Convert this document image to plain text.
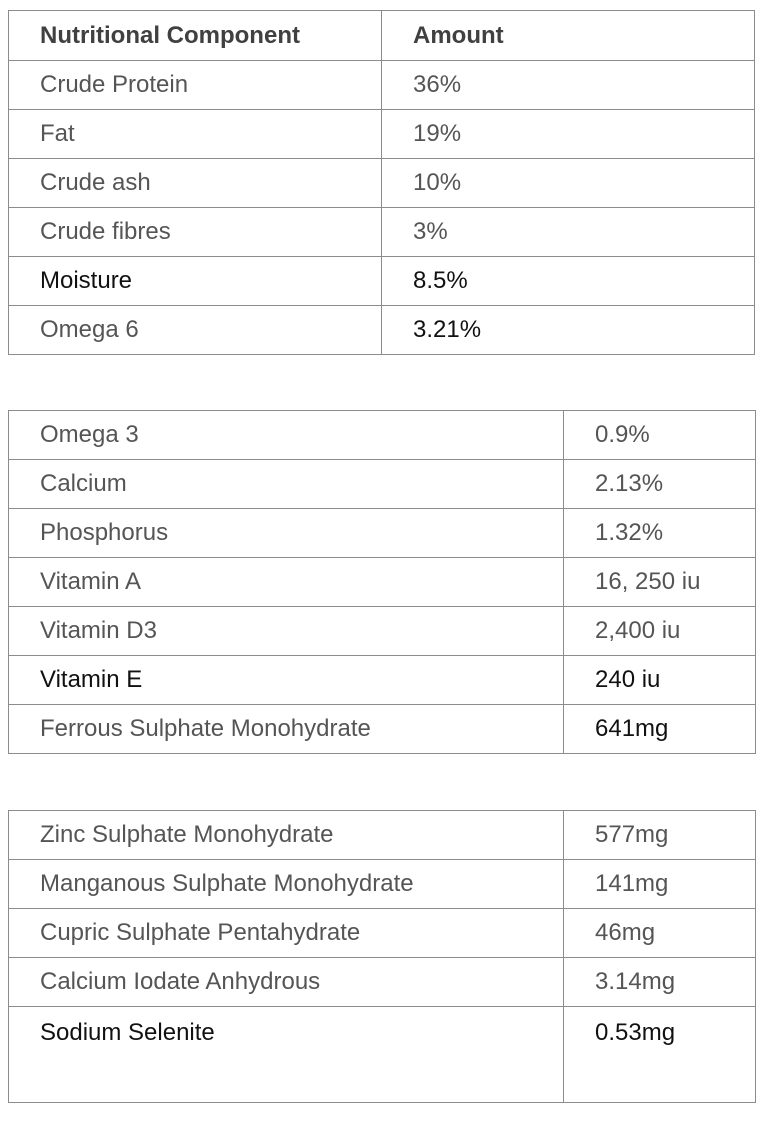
Nutritional Component	Amount
Crude Protein	36%
Fat	19%
Crude ash	10%
Crude fibres	3%
Moisture	8.5%
Omega 6	3.21%
Omega 3	0.9%
Calcium	2.13%
Phosphorus	1.32%
Vitamin A	16, 250 iu
Vitamin D3	2,400 iu
Vitamin E	240 iu
Ferrous Sulphate Monohydrate	641mg
Zinc Sulphate Monohydrate	577mg
Manganous Sulphate Monohydrate	141mg
Cupric Sulphate Pentahydrate	46mg
Calcium Iodate Anhydrous	3.14mg
Sodium Selenite	0.53mg
